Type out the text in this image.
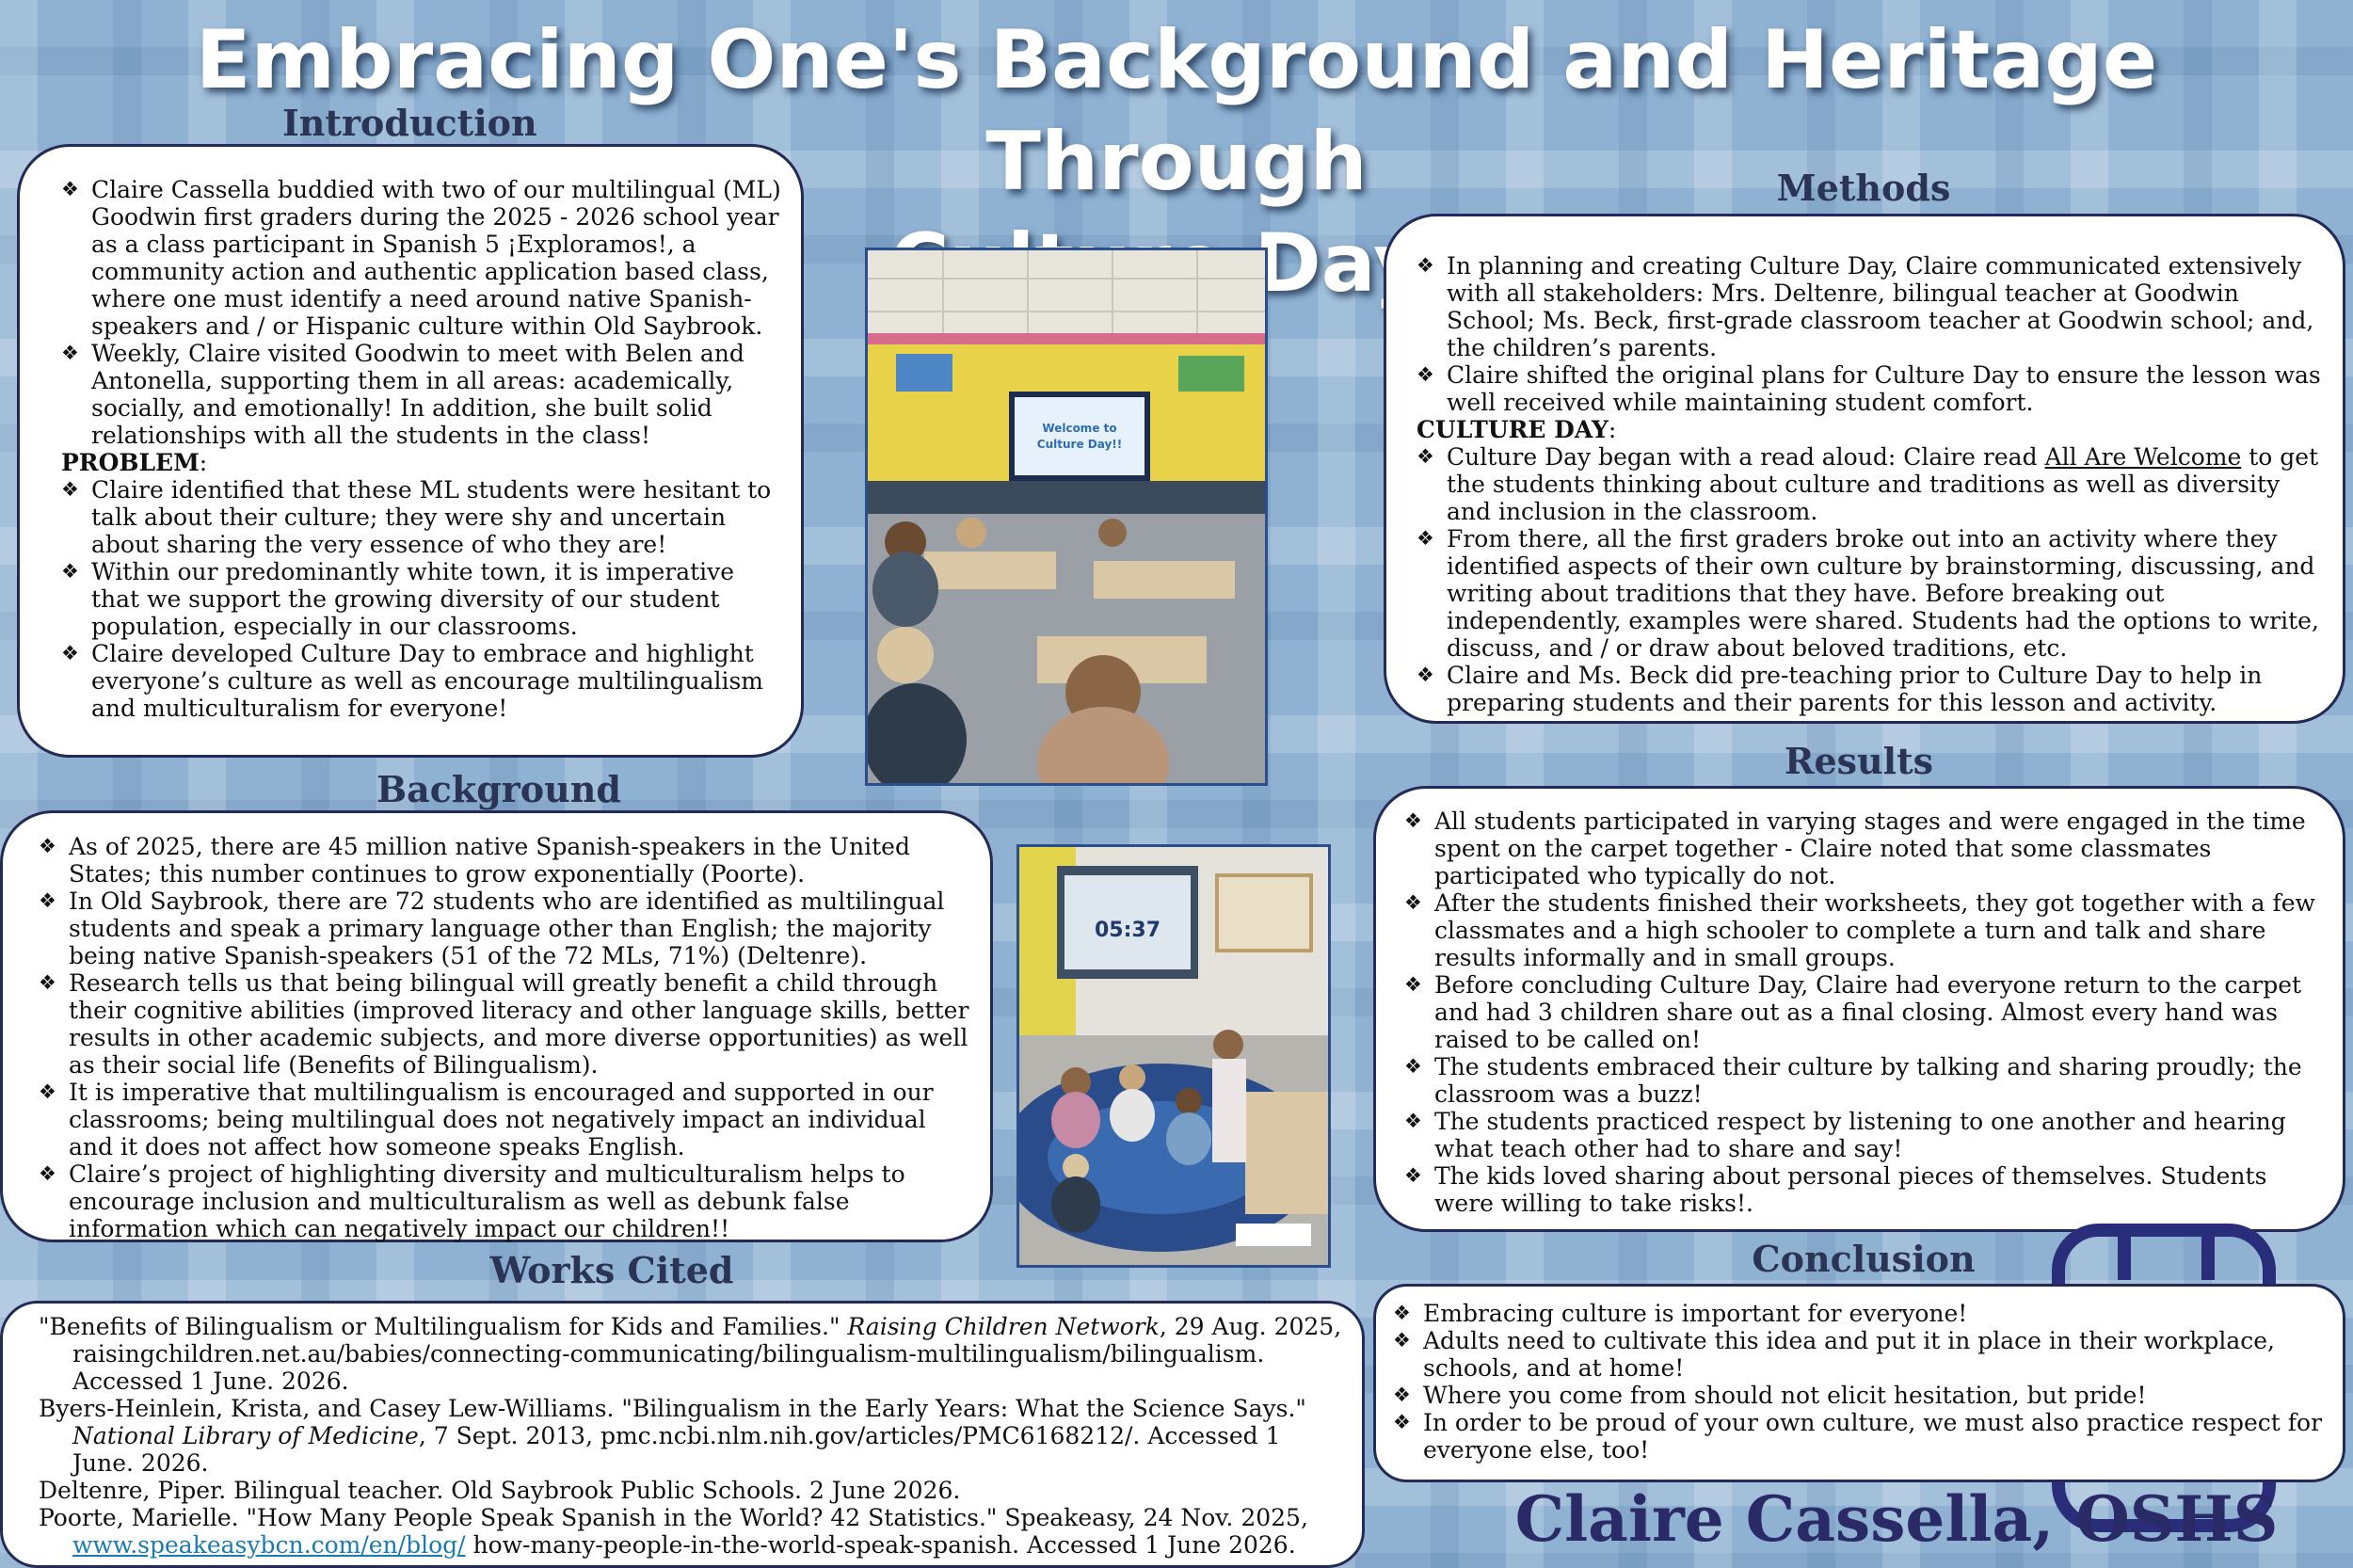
Embracing One's Background and Heritage Through
Day!
Introduction
❖ Claire Cassella buddied with two of our multilingual (ML) Goodwin first graders during the 2025 - 2026 school year as a class participant in Spanish 5 ¡Exploramos!, a community action and authentic application based class, where one must identify a need around native Spanish-speakers and / or Hispanic culture within Old Saybrook.
❖ Weekly, Claire visited Goodwin to meet with Belen and Antonella, supporting them in all areas: academically, socially, and emotionally! In addition, she built solid relationships with all the students in the class!
PROBLEM:
❖ Claire identified that these ML students were hesitant to talk about their culture; they were shy and uncertain about sharing the very essence of who they are!
❖ Within our predominantly white town, it is imperative that we support the growing diversity of our student population, especially in our classrooms.
❖ Claire developed Culture Day to embrace and highlight everyone’s culture as well as encourage multilingualism and multiculturalism for everyone!
Welcome to
Culture Day!!
Methods
❖ In planning and creating Culture Day, Claire communicated extensively with all stakeholders: Mrs. Deltenre, bilingual teacher at Goodwin School; Ms. Beck, first-grade classroom teacher at Goodwin school; and, the children’s parents.
❖ Claire shifted the original plans for Culture Day to ensure the lesson was well received while maintaining student comfort.
CULTURE DAY:
❖ Culture Day began with a read aloud: Claire read All Are Welcome to get the students thinking about culture and traditions as well as diversity and inclusion in the classroom.
❖ From there, all the first graders broke out into an activity where they identified aspects of their own culture by brainstorming, discussing, and writing about traditions that they have. Before breaking out independently, examples were shared. Students had the options to write, discuss, and / or draw about beloved traditions, etc.
❖ Claire and Ms. Beck did pre-teaching prior to Culture Day to help in preparing students and their parents for this lesson and activity.
Background
❖ As of 2025, there are 45 million native Spanish-speakers in the United States; this number continues to grow exponentially (Poorte).
❖ In Old Saybrook, there are 72 students who are identified as multilingual students and speak a primary language other than English; the majority being native Spanish-speakers (51 of the 72 MLs, 71%) (Deltenre).
❖ Research tells us that being bilingual will greatly benefit a child through their cognitive abilities (improved literacy and other language skills, better results in other academic subjects, and more diverse opportunities) as well as their social life (Benefits of Bilingualism).
❖ It is imperative that multilingualism is encouraged and supported in our classrooms; being multilingual does not negatively impact an individual and it does not affect how someone speaks English.
❖ Claire’s project of highlighting diversity and multiculturalism helps to encourage inclusion and multiculturalism as well as debunk false information which can negatively impact our children!!
05:37
Results
❖ All students participated in varying stages and were engaged in the time spent on the carpet together - Claire noted that some classmates participated who typically do not.
❖ After the students finished their worksheets, they got together with a few classmates and a high schooler to complete a turn and talk and share results informally and in small groups.
❖ Before concluding Culture Day, Claire had everyone return to the carpet and had 3 children share out as a final closing. Almost every hand was raised to be called on!
❖ The students embraced their culture by talking and sharing proudly; the classroom was a buzz!
❖ The students practiced respect by listening to one another and hearing what teach other had to share and say!
❖ The kids loved sharing about personal pieces of themselves. Students were willing to take risks!.
Works Cited

"Benefits of Bilingualism or Multilingualism for Kids and Families." Raising Children Network, 29 Aug. 2025, raisingchildren.net.au/babies/connecting-communicating/bilingualism-multilingualism/bilingualism. Accessed 1 June. 2026.

Byers-Heinlein, Krista, and Casey Lew-Williams. "Bilingualism in the Early Years: What the Science Says." National Library of Medicine, 7 Sept. 2013, pmc.ncbi.nlm.nih.gov/articles/PMC6168212/. Accessed 1 June. 2026.

Deltenre, Piper. Bilingual teacher. Old Saybrook Public Schools. 2 June 2026.

Poorte, Marielle. "How Many People Speak Spanish in the World? 42 Statistics." Speakeasy, 24 Nov. 2025, www.speakeasybcn.com/en/blog/ how-many-people-in-the-world-speak-spanish. Accessed 1 June 2026.

Conclusion
❖ Embracing culture is important for everyone!
❖ Adults need to cultivate this idea and put it in place in their workplace, schools, and at home!
❖ Where you come from should not elicit hesitation, but pride!
❖ In order to be proud of your own culture, we must also practice respect for everyone else, too!
Claire Cassella, OSHS
